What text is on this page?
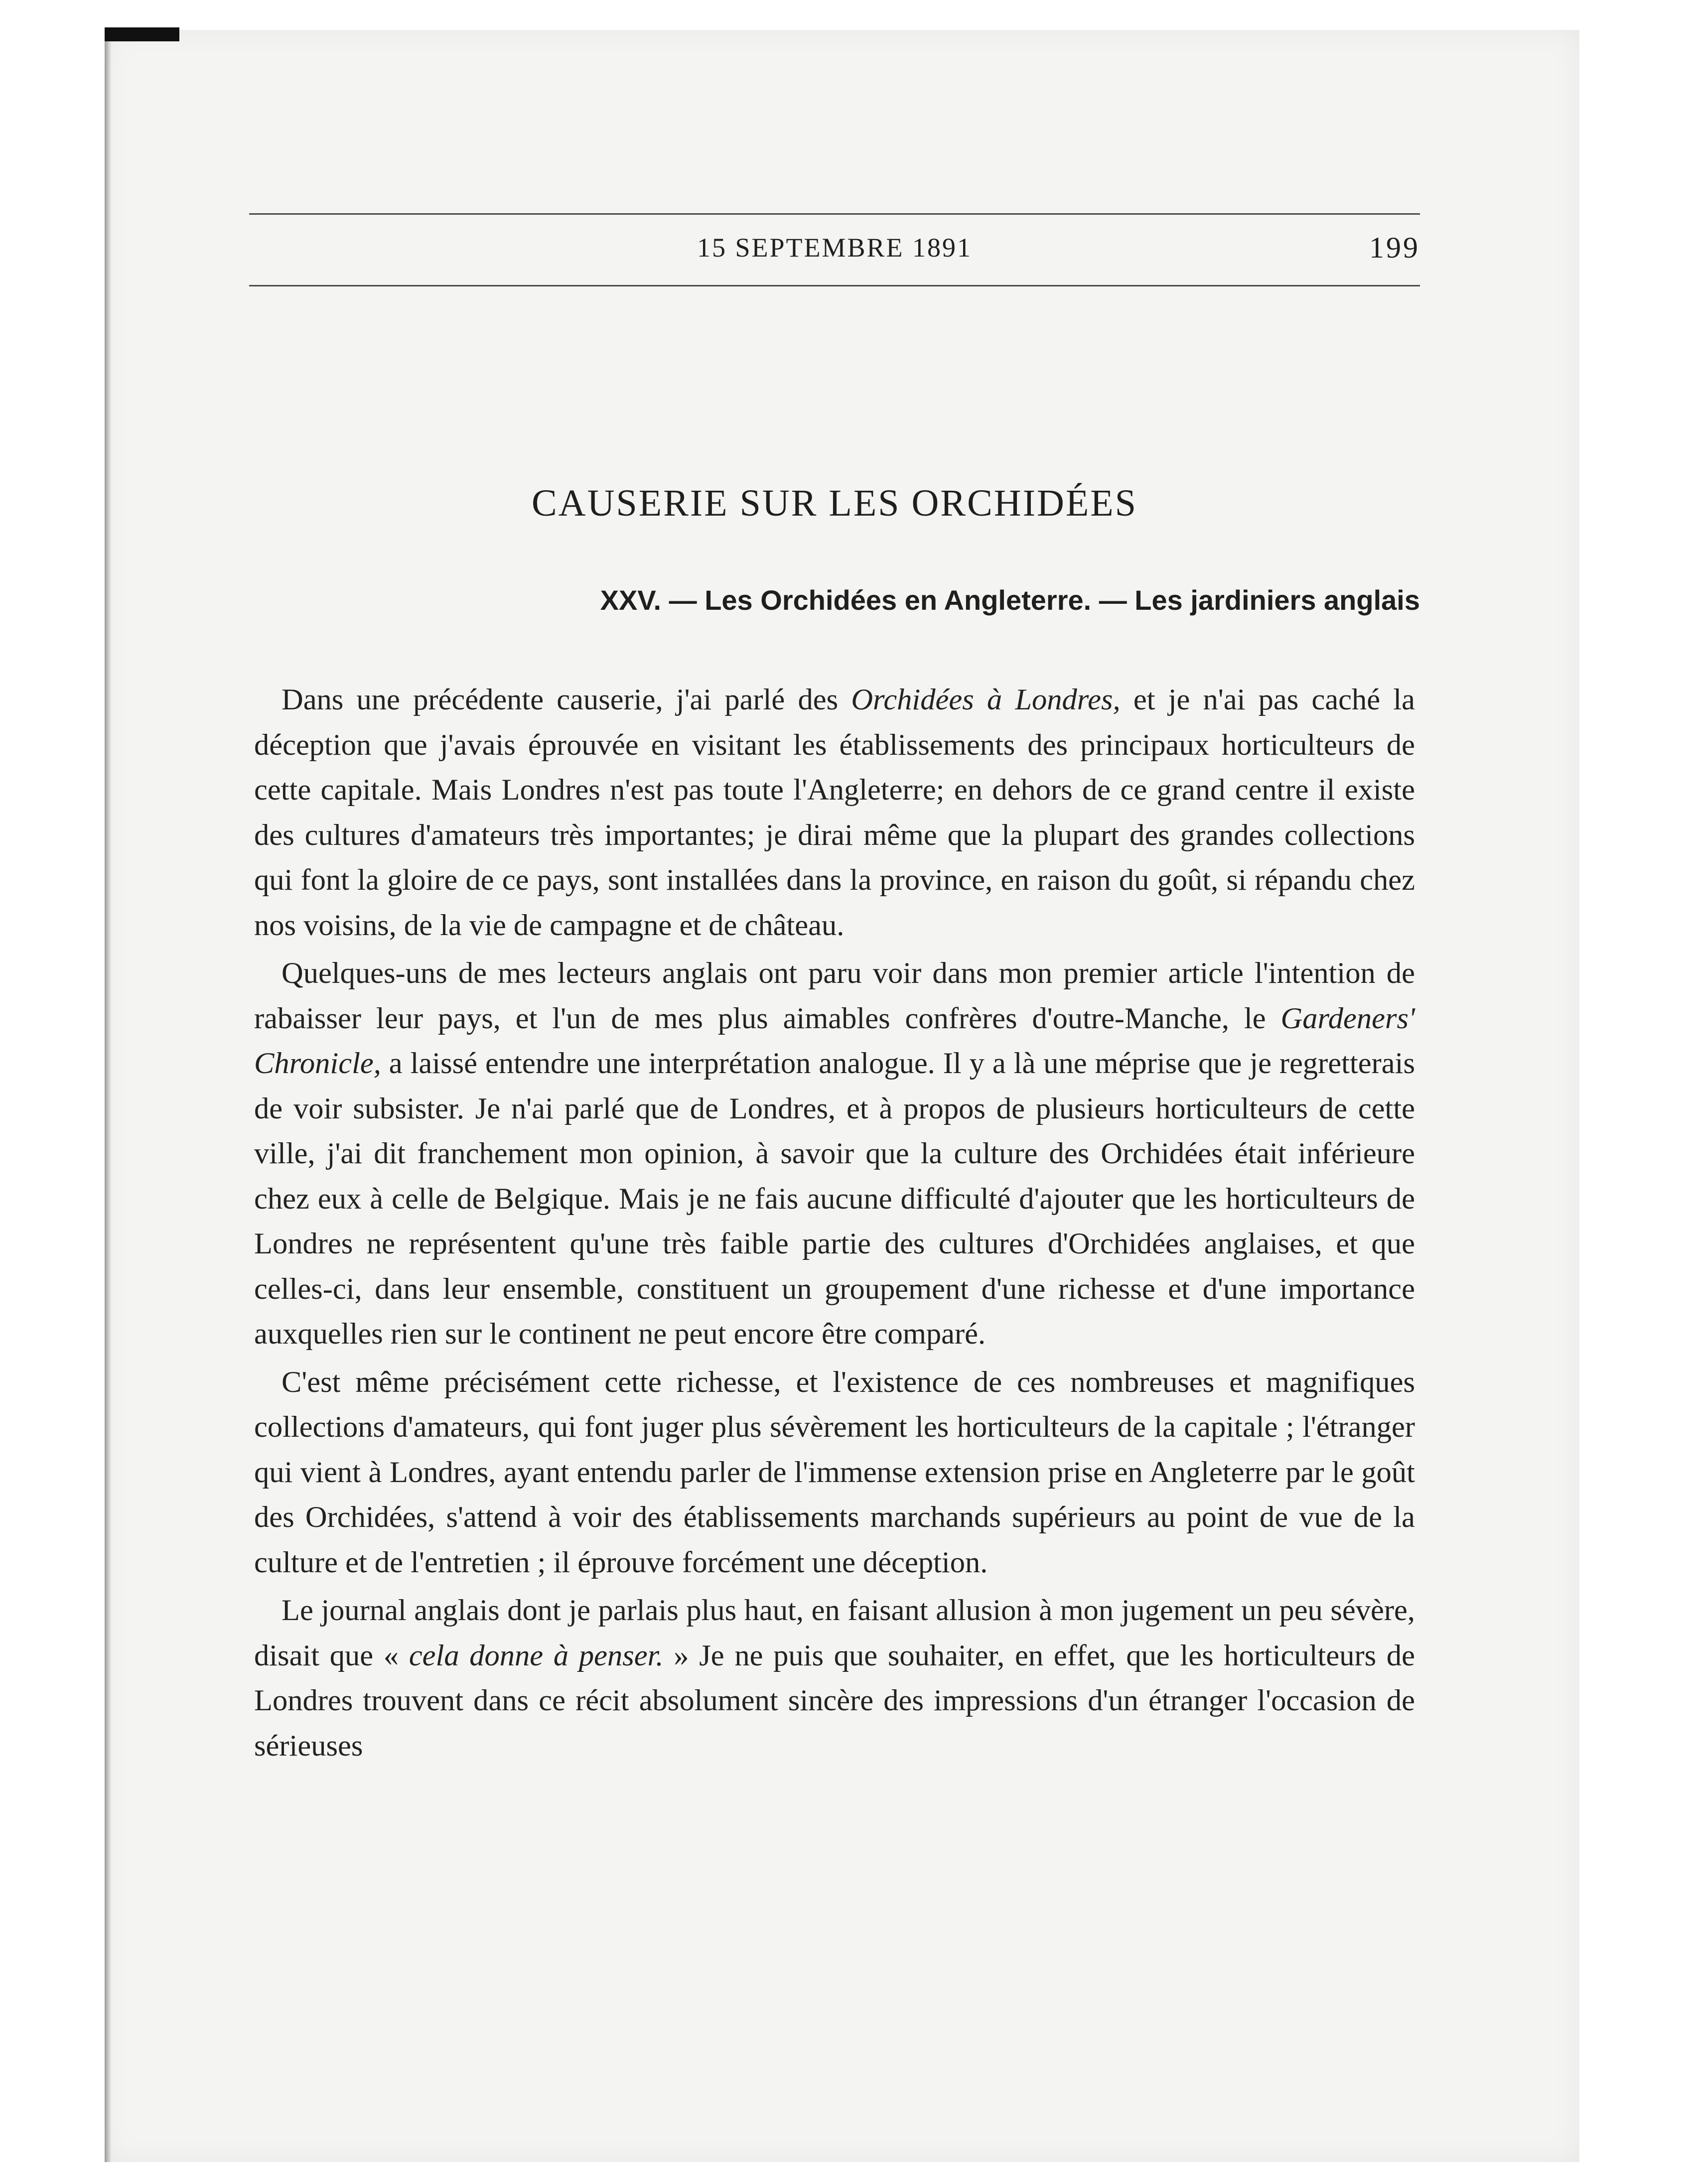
15 SEPTEMBRE 1891	199
CAUSERIE SUR LES ORCHIDÉES
XXV. — Les Orchidées en Angleterre. — Les jardiniers anglais

Dans une précédente causerie, j'ai parlé des Orchidées à Londres, et je n'ai pas caché la déception que j'avais éprouvée en visitant les établissements des principaux horticulteurs de cette capitale. Mais Londres n'est pas toute l'Angleterre; en dehors de ce grand centre il existe des cultures d'amateurs très importantes; je dirai même que la plupart des grandes collections qui font la gloire de ce pays, sont installées dans la province, en raison du goût, si répandu chez nos voisins, de la vie de campagne et de château.

Quelques-uns de mes lecteurs anglais ont paru voir dans mon premier article l'intention de rabaisser leur pays, et l'un de mes plus aimables confrères d'outre-Manche, le Gardeners' Chronicle, a laissé entendre une interprétation analogue. Il y a là une méprise que je regretterais de voir subsister. Je n'ai parlé que de Londres, et à propos de plusieurs horticulteurs de cette ville, j'ai dit franchement mon opinion, à savoir que la culture des Orchidées était inférieure chez eux à celle de Belgique. Mais je ne fais aucune difficulté d'ajouter que les horticulteurs de Londres ne représentent qu'une très faible partie des cultures d'Orchidées anglaises, et que celles-ci, dans leur ensemble, constituent un groupement d'une richesse et d'une importance auxquelles rien sur le continent ne peut encore être comparé.

C'est même précisément cette richesse, et l'existence de ces nombreuses et magnifiques collections d'amateurs, qui font juger plus sévèrement les horticulteurs de la capitale ; l'étranger qui vient à Londres, ayant entendu parler de l'immense extension prise en Angleterre par le goût des Orchidées, s'attend à voir des établissements marchands supérieurs au point de vue de la culture et de l'entretien ; il éprouve forcément une déception.

Le journal anglais dont je parlais plus haut, en faisant allusion à mon jugement un peu sévère, disait que « cela donne à penser. » Je ne puis que souhaiter, en effet, que les horticulteurs de Londres trouvent dans ce récit absolument sincère des impressions d'un étranger l'occasion de sérieuses
